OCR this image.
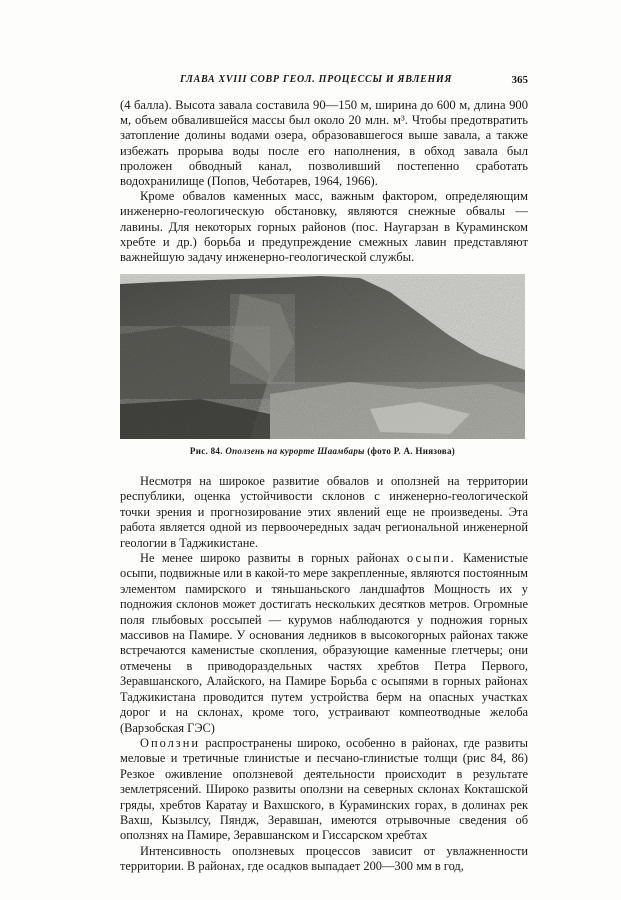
ГЛАВА XVIII СОВР ГЕОЛ. ПРОЦЕССЫ И ЯВЛЕНИЯ	365

(4 балла). Высота завала составила 90—150 м, ширина до 600 м, длина 900 м, объем обвалившейся массы был около 20 млн. м³. Чтобы предотвратить затопление долины водами озера, образовавшегося выше завала, а также избежать прорыва воды после его наполнения, в обход завала был проложен обводный канал, позволивший постепенно сработать водохранилище (Попов, Чеботарев, 1964, 1966).

Кроме обвалов каменных масс, важным фактором, определяющим инженерно-геологическую обстановку, являются снежные обвалы — лавины. Для некоторых горных районов (пос. Наугарзан в Кураминском хребте и др.) борьба и предупреждение смежных лавин представляют важнейшую задачу инженерно-геологической службы.

Рис. 84. Оползень на курорте Шаамбары (фото Р. А. Ниязова)

Несмотря на широкое развитие обвалов и оползней на территории республики, оценка устойчивости склонов с инженерно-геологической точки зрения и прогнозирование этих явлений еще не произведены. Эта работа является одной из первоочередных задач региональной инженерной геологии в Таджикистане.

Не менее широко развиты в горных районах осыпи. Каменистые осыпи, подвижные или в какой-то мере закрепленные, являются постоянным элементом памирского и тяньшаньского ландшафтов Мощность их у подножия склонов может достигать нескольких десятков метров. Огромные поля глыбовых россыпей — курумов наблюдаются у подножия горных массивов на Памире. У основания ледников в высокогорных районах также встречаются каменистые скопления, образующие каменные глетчеры; они отмечены в приводораздельных частях хребтов Петра Первого, Зеравшанского, Алайского, на Памире Борьба с осыпями в горных районах Таджикистана проводится путем устройства берм на опасных участках дорог и на склонах, кроме того, устраивают компеотводные желоба (Варзобская ГЭС)

Оползни распространены широко, особенно в районах, где развиты меловые и третичные глинистые и песчано-глинистые толщи (рис 84, 86) Резкое оживление оползневой деятельности происходит в результате землетрясений. Широко развиты оползни на северных склонах Кокташской гряды, хребтов Каратау и Вахшского, в Кураминских горах, в долинах рек Вахш, Кызылсу, Пяндж, Зеравшан, имеются отрывочные сведения об оползнях на Памире, Зеравшанском и Гиссарском хребтах

Интенсивность оползневых процессов зависит от увлажненности территории. В районах, где осадков выпадает 200—300 мм в год,
